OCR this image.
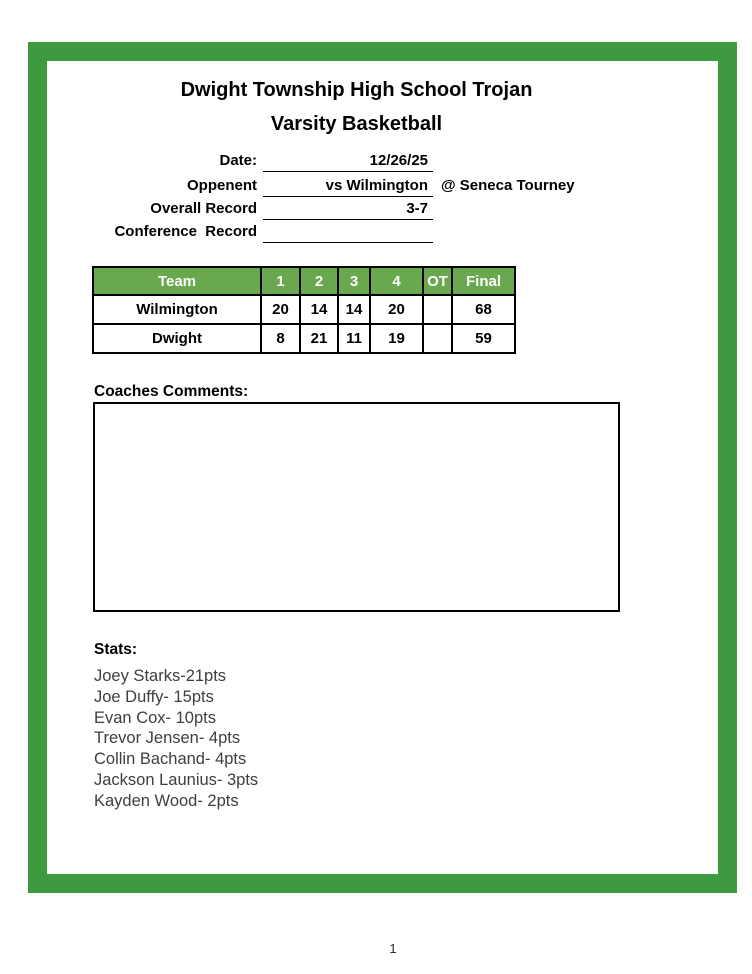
Dwight Township High School Trojan
Varsity Basketball
Date:	12/26/25
Oppenent	vs Wilmington @ Seneca Tourney
Overall Record	3-7
Conference  Record
Team	1	2	3	4	OT	Final
Wilmington	20	14	14	20		68
Dwight	8	21	11	19		59
Coaches Comments:
Stats:
Joey Starks-21pts
Joe Duffy- 15pts
Evan Cox- 10pts
Trevor Jensen- 4pts
Collin Bachand- 4pts
Jackson Launius- 3pts
Kayden Wood- 2pts
1
